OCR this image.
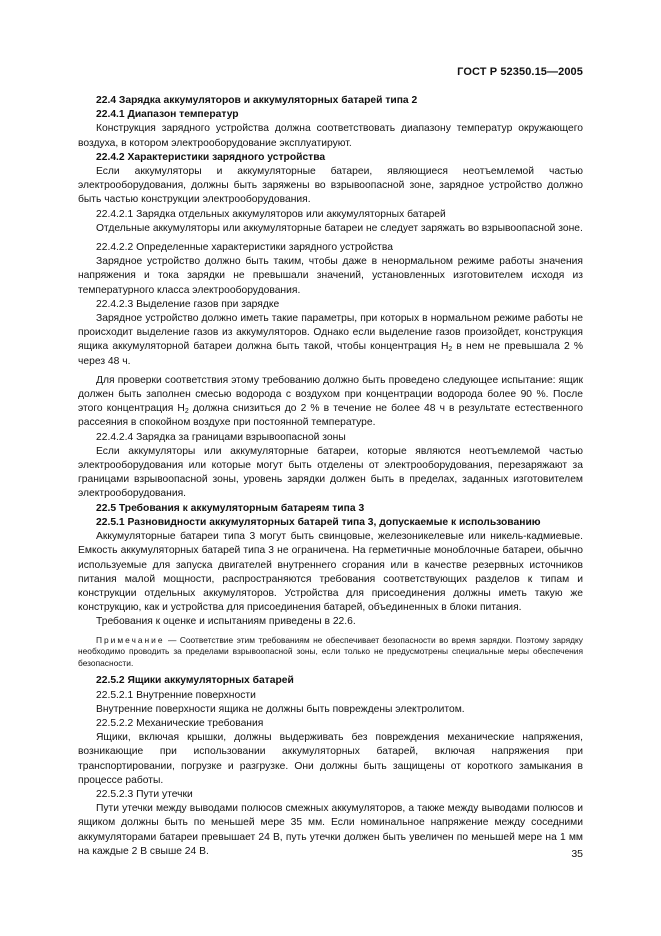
ГОСТ Р 52350.15—2005

22.4 Зарядка аккумуляторов и аккумуляторных батарей типа 2

22.4.1 Диапазон температур

Конструкция зарядного устройства должна соответствовать диапазону температур окружающего воздуха, в котором электрооборудование эксплуатируют.

22.4.2 Характеристики зарядного устройства

Если аккумуляторы и аккумуляторные батареи, являющиеся неотъемлемой частью электрооборудования, должны быть заряжены во взрывоопасной зоне, зарядное устройство должно быть частью конструкции электрооборудования.

22.4.2.1 Зарядка отдельных аккумуляторов или аккумуляторных батарей

Отдельные аккумуляторы или аккумуляторные батареи не следует заряжать во взрывоопасной зоне.

22.4.2.2 Определенные характеристики зарядного устройства

Зарядное устройство должно быть таким, чтобы даже в ненормальном режиме работы значения напряжения и тока зарядки не превышали значений, установленных изготовителем исходя из температурного класса электрооборудования.

22.4.2.3 Выделение газов при зарядке

Зарядное устройство должно иметь такие параметры, при которых в нормальном режиме работы не происходит выделение газов из аккумуляторов. Однако если выделение газов произойдет, конструкция ящика аккумуляторной батареи должна быть такой, чтобы концентрация $H_2$ в нем не превышала 2 % через 48 ч.

Для проверки соответствия этому требованию должно быть проведено следующее испытание: ящик должен быть заполнен смесью водорода с воздухом при концентрации водорода более 90 %. После этого концентрация $H_2$ должна снизиться до 2 % в течение не более 48 ч в результате естественного рассеяния в спокойном воздухе при постоянной температуре.

22.4.2.4 Зарядка за границами взрывоопасной зоны

Если аккумуляторы или аккумуляторные батареи, которые являются неотъемлемой частью электрооборудования или которые могут быть отделены от электрооборудования, перезаряжают за границами взрывоопасной зоны, уровень зарядки должен быть в пределах, заданных изготовителем электрооборудования.

22.5 Требования к аккумуляторным батареям типа 3

22.5.1 Разновидности аккумуляторных батарей типа 3, допускаемые к использованию

Аккумуляторные батареи типа 3 могут быть свинцовые, железоникелевые или никель-кадмиевые. Емкость аккумуляторных батарей типа 3 не ограничена. На герметичные моноблочные батареи, обычно используемые для запуска двигателей внутреннего сгорания или в качестве резервных источников питания малой мощности, распространяются требования соответствующих разделов к типам и конструкции отдельных аккумуляторов. Устройства для присоединения должны иметь такую же конструкцию, как и устройства для присоединения батарей, объединенных в блоки питания.

Требования к оценке и испытаниям приведены в 22.6.

Примечание — Соответствие этим требованиям не обеспечивает безопасности во время зарядки. Поэтому зарядку необходимо проводить за пределами взрывоопасной зоны, если только не предусмотрены специальные меры обеспечения безопасности.

22.5.2 Ящики аккумуляторных батарей

22.5.2.1 Внутренние поверхности

Внутренние поверхности ящика не должны быть повреждены электролитом.

22.5.2.2 Механические требования

Ящики, включая крышки, должны выдерживать без повреждения механические напряжения, возникающие при использовании аккумуляторных батарей, включая напряжения при транспортировании, погрузке и разгрузке. Они должны быть защищены от короткого замыкания в процессе работы.

22.5.2.3 Пути утечки

Пути утечки между выводами полюсов смежных аккумуляторов, а также между выводами полюсов и ящиком должны быть по меньшей мере 35 мм. Если номинальное напряжение между соседними аккумуляторами батареи превышает 24 В, путь утечки должен быть увеличен по меньшей мере на 1 мм на каждые 2 В свыше 24 В.	35
